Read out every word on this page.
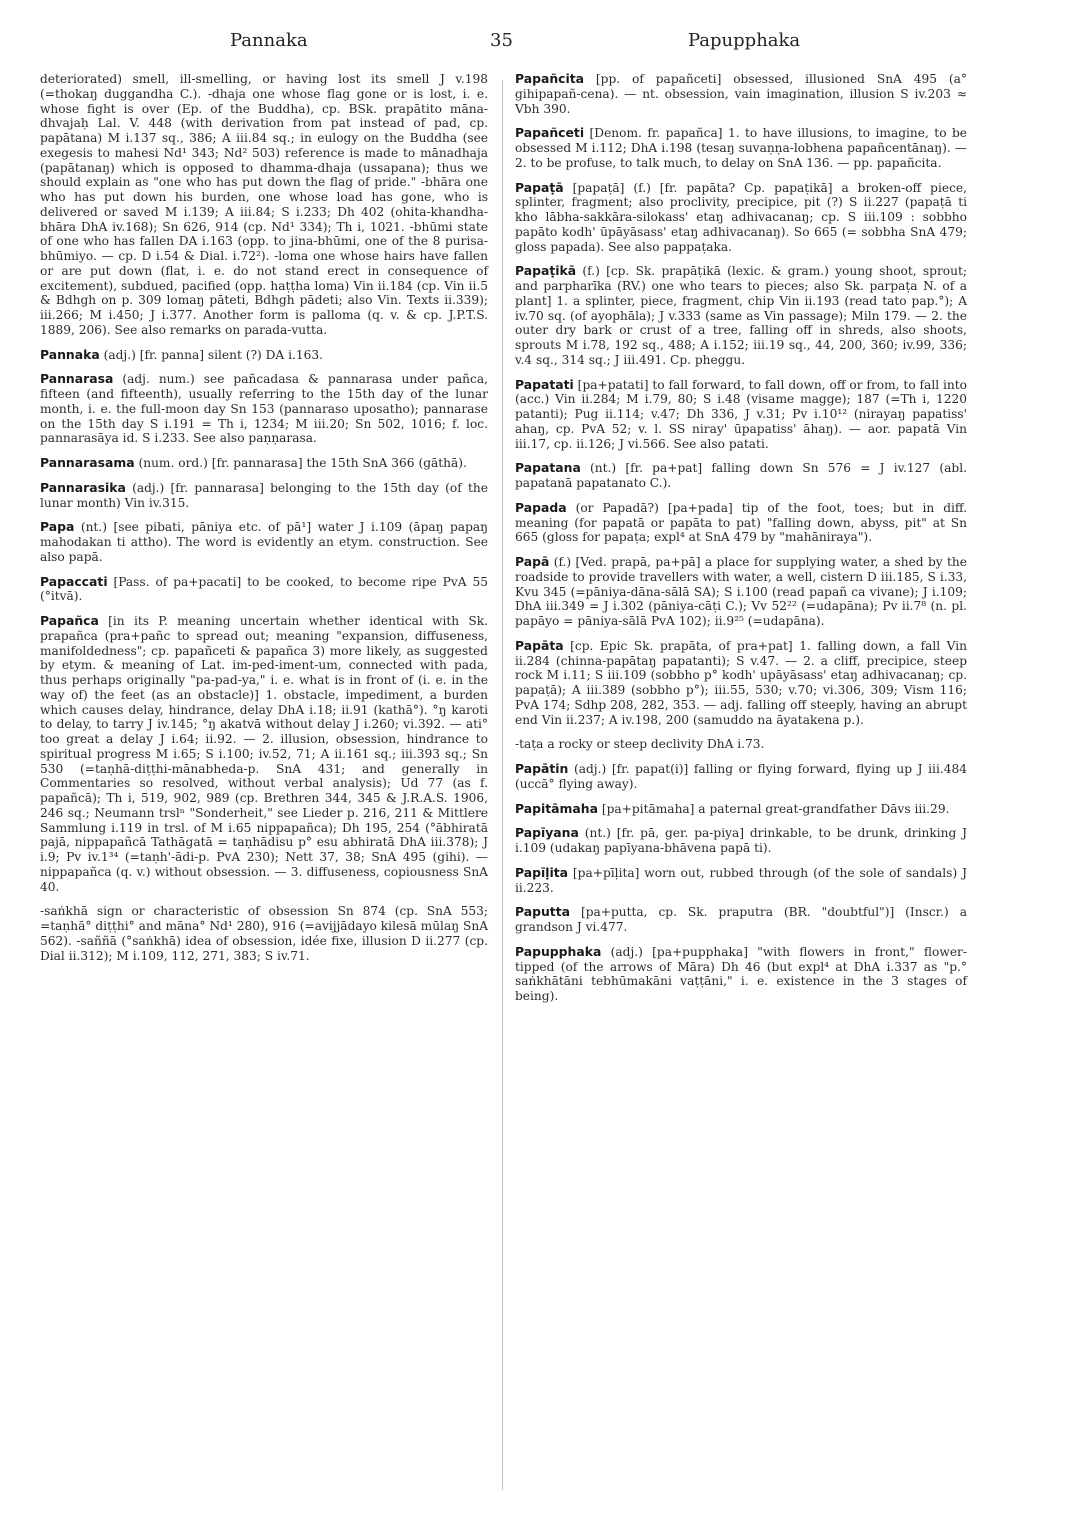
Pannaka	35	Papupphaka

deteriorated) smell, ill-smelling, or having lost its smell J v.198 (=thokaŋ duggandha C.). -dhaja one whose flag gone or is lost, i. e. whose fight is over (Ep. of the Buddha), cp. BSk. prapātito māna-dhvajaḥ Lal. V. 448 (with derivation from pat instead of pad, cp. papātana) M i.137 sq., 386; A iii.84 sq.; in eulogy on the Buddha (see exegesis to mahesi Nd¹ 343; Nd² 503) reference is made to mānadhaja (papātanaŋ) which is opposed to dhamma-dhaja (ussapana); thus we should explain as "one who has put down the flag of pride." -bhāra one who has put down his burden, one whose load has gone, who is delivered or saved M i.139; A iii.84; S i.233; Dh 402 (ohita-khandha-bhāra DhA iv.168); Sn 626, 914 (cp. Nd¹ 334); Th i, 1021. -bhūmi state of one who has fallen DA i.163 (opp. to jina-bhūmi, one of the 8 purisa-bhūmiyo. — cp. D i.54 & Dial. i.72²). -loma one whose hairs have fallen or are put down (flat, i. e. do not stand erect in consequence of excitement), subdued, pacified (opp. haṭṭha loma) Vin ii.184 (cp. Vin ii.5 & Bdhgh on p. 309 lomaŋ pāteti, Bdhgh pādeti; also Vin. Texts ii.339); iii.266; M i.450; J i.377. Another form is palloma (q. v. & cp. J.P.T.S. 1889, 206). See also remarks on parada-vutta.

Pannaka (adj.) [fr. panna] silent (?) DA i.163.

Pannarasa (adj. num.) see pañcadasa & pannarasa under pañca, fifteen (and fifteenth), usually referring to the 15th day of the lunar month, i. e. the full-moon day Sn 153 (pannaraso uposatho); pannarase on the 15th day S i.191 = Th i, 1234; M iii.20; Sn 502, 1016; f. loc. pannarasāya id. S i.233. See also paṇṇarasa.

Pannarasama (num. ord.) [fr. pannarasa] the 15th SnA 366 (gāthā).

Pannarasika (adj.) [fr. pannarasa] belonging to the 15th day (of the lunar month) Vin iv.315.

Papa (nt.) [see pibati, pāniya etc. of pā¹] water J i.109 (āpaŋ papaŋ mahodakan ti attho). The word is evidently an etym. construction. See also papā.

Papaccati [Pass. of pa+pacati] to be cooked, to become ripe PvA 55 (°itvā).

Papañca [in its P. meaning uncertain whether identical with Sk. prapañca (pra+pañc to spread out; meaning "expansion, diffuseness, manifoldedness"; cp. papañceti & papañca 3) more likely, as suggested by etym. & meaning of Lat. im-ped-iment-um, connected with pada, thus perhaps originally "pa-pad-ya," i. e. what is in front of (i. e. in the way of) the feet (as an obstacle)] 1. obstacle, impediment, a burden which causes delay, hindrance, delay DhA i.18; ii.91 (kathā°). °ŋ karoti to delay, to tarry J iv.145; °ŋ akatvā without delay J i.260; vi.392. — ati° too great a delay J i.64; ii.92. — 2. illusion, obsession, hindrance to spiritual progress M i.65; S i.100; iv.52, 71; A ii.161 sq.; iii.393 sq.; Sn 530 (=taṇhā-diṭṭhi-mānabheda-p. SnA 431; and generally in Commentaries so resolved, without verbal analysis); Ud 77 (as f. papañcā); Th i, 519, 902, 989 (cp. Brethren 344, 345 & J.R.A.S. 1906, 246 sq.; Neumann trslⁿ "Sonderheit," see Lieder p. 216, 211 & Mittlere Sammlung i.119 in trsl. of M i.65 nippapañca); Dh 195, 254 (°ābhiratā pajā, nippapañcā Tathāgatā = taṇhādisu p° esu abhiratā DhA iii.378); J i.9; Pv iv.1³⁴ (=taṇh'-ādi-p. PvA 230); Nett 37, 38; SnA 495 (gihi). — nippapañca (q. v.) without obsession. — 3. diffuseness, copiousness SnA 40.

-saṅkhā sign or characteristic of obsession Sn 874 (cp. SnA 553; =taṇhā° diṭṭhi° and māna° Nd¹ 280), 916 (=avijjādayo kilesā mūlaŋ SnA 562). -saññā (°saṅkhā) idea of obsession, idée fixe, illusion D ii.277 (cp. Dial ii.312); M i.109, 112, 271, 383; S iv.71.

Papañcita [pp. of papañceti] obsessed, illusioned SnA 495 (a° gihipapañ-cena). — nt. obsession, vain imagination, illusion S iv.203 ≈ Vbh 390.

Papañceti [Denom. fr. papañca] 1. to have illusions, to imagine, to be obsessed M i.112; DhA i.198 (tesaŋ suvaṇṇa-lobhena papañcentānaŋ). — 2. to be profuse, to talk much, to delay on SnA 136. — pp. papañcita.

Papaṭā [papaṭā] (f.) [fr. papāta? Cp. papaṭikā] a broken-off piece, splinter, fragment; also proclivity, precipice, pit (?) S ii.227 (papaṭā ti kho lābha-sakkāra-silokass' etaŋ adhivacanaŋ; cp. S iii.109 : sobbho papāto kodh' ūpāyāsass' etaŋ adhivacanaŋ). So 665 (= sobbha SnA 479; gloss papada). See also pappaṭaka.

Papaṭikā (f.) [cp. Sk. prapāṭikā (lexic. & gram.) young shoot, sprout; and parpharīka (RV.) one who tears to pieces; also Sk. parpaṭa N. of a plant] 1. a splinter, piece, fragment, chip Vin ii.193 (read tato pap.°); A iv.70 sq. (of ayophāla); J v.333 (same as Vin passage); Miln 179. — 2. the outer dry bark or crust of a tree, falling off in shreds, also shoots, sprouts M i.78, 192 sq., 488; A i.152; iii.19 sq., 44, 200, 360; iv.99, 336; v.4 sq., 314 sq.; J iii.491. Cp. pheggu.

Papatati [pa+patati] to fall forward, to fall down, off or from, to fall into (acc.) Vin ii.284; M i.79, 80; S i.48 (visame magge); 187 (=Th i, 1220 patanti); Pug ii.114; v.47; Dh 336, J v.31; Pv i.10¹² (nirayaŋ papatiss' ahaŋ, cp. PvA 52; v. l. SS niray' ūpapatiss' āhaŋ). — aor. papatā Vin iii.17, cp. ii.126; J vi.566. See also patati.

Papatana (nt.) [fr. pa+pat] falling down Sn 576 = J iv.127 (abl. papatanā papatanato C.).

Papada (or Papadā?) [pa+pada] tip of the foot, toes; but in diff. meaning (for papatā or papāta to pat) "falling down, abyss, pit" at Sn 665 (gloss for papaṭa; expl⁴ at SnA 479 by "mahāniraya").

Papā (f.) [Ved. prapā, pa+pā] a place for supplying water, a shed by the roadside to provide travellers with water, a well, cistern D iii.185, S i.33, Kvu 345 (=pāniya-dāna-sālā SA); S i.100 (read papañ ca vivane); J i.109; DhA iii.349 = J i.302 (pāniya-cāṭi C.); Vv 52²² (=udapāna); Pv ii.7⁸ (n. pl. papāyo = pāniya-sālā PvA 102); ii.9²⁵ (=udapāna).

Papāta [cp. Epic Sk. prapāta, of pra+pat] 1. falling down, a fall Vin ii.284 (chinna-papātaŋ papatanti); S v.47. — 2. a cliff, precipice, steep rock M i.11; S iii.109 (sobbho p° kodh' upāyāsass' etaŋ adhivacanaŋ; cp. papaṭā); A iii.389 (sobbho p°); iii.55, 530; v.70; vi.306, 309; Vism 116; PvA 174; Sdhp 208, 282, 353. — adj. falling off steeply, having an abrupt end Vin ii.237; A iv.198, 200 (samuddo na āyatakena p.).

-taṭa a rocky or steep declivity DhA i.73.

Papātin (adj.) [fr. papat(i)] falling or flying forward, flying up J iii.484 (uccā° flying away).

Papitāmaha [pa+pitāmaha] a paternal great-grandfather Dāvs iii.29.

Papīyana (nt.) [fr. pā, ger. pa-piya] drinkable, to be drunk, drinking J i.109 (udakaŋ papīyana-bhāvena papā ti).

Papīḷita [pa+pīḷita] worn out, rubbed through (of the sole of sandals) J ii.223.

Paputta [pa+putta, cp. Sk. praputra (BR. "doubtful")] (Inscr.) a grandson J vi.477.

Papupphaka (adj.) [pa+pupphaka] "with flowers in front," flower-tipped (of the arrows of Māra) Dh 46 (but expl⁴ at DhA i.337 as "p.° saṅkhātāni tebhūmakāni vaṭṭāni," i. e. existence in the 3 stages of being).
